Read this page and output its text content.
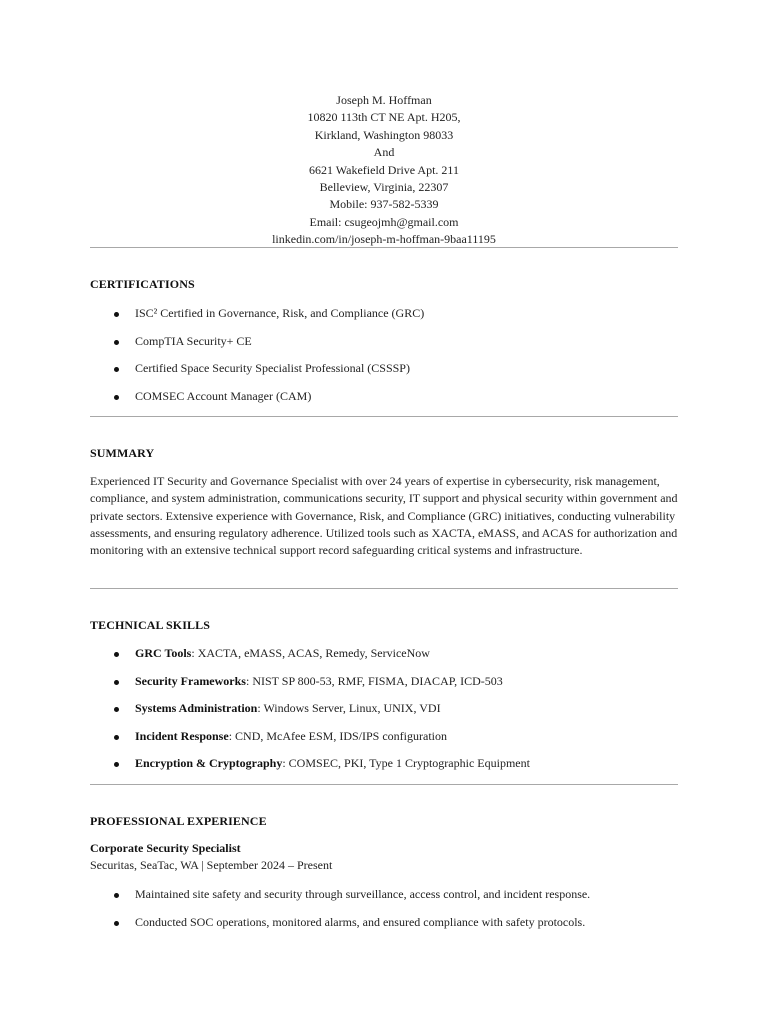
Joseph M. Hoffman
10820 113th CT NE Apt. H205,
Kirkland, Washington 98033
And
6621 Wakefield Drive Apt. 211
Belleview, Virginia, 22307
Mobile: 937-582-5339
Email: csugeojmh@gmail.com
linkedin.com/in/joseph-m-hoffman-9baa11195
CERTIFICATIONS
ISC² Certified in Governance, Risk, and Compliance (GRC)
CompTIA Security+ CE
Certified Space Security Specialist Professional (CSSSP)
COMSEC Account Manager (CAM)
SUMMARY
Experienced IT Security and Governance Specialist with over 24 years of expertise in cybersecurity, risk management, compliance, and system administration, communications security, IT support and physical security within government and private sectors. Extensive experience with Governance, Risk, and Compliance (GRC) initiatives, conducting vulnerability assessments, and ensuring regulatory adherence. Utilized tools such as XACTA, eMASS, and ACAS for authorization and monitoring with an extensive technical support record safeguarding critical systems and infrastructure.
TECHNICAL SKILLS
GRC Tools: XACTA, eMASS, ACAS, Remedy, ServiceNow
Security Frameworks: NIST SP 800-53, RMF, FISMA, DIACAP, ICD-503
Systems Administration: Windows Server, Linux, UNIX, VDI
Incident Response: CND, McAfee ESM, IDS/IPS configuration
Encryption & Cryptography: COMSEC, PKI, Type 1 Cryptographic Equipment
PROFESSIONAL EXPERIENCE
Corporate Security Specialist
Securitas, SeaTac, WA | September 2024 – Present
Maintained site safety and security through surveillance, access control, and incident response.
Conducted SOC operations, monitored alarms, and ensured compliance with safety protocols.
